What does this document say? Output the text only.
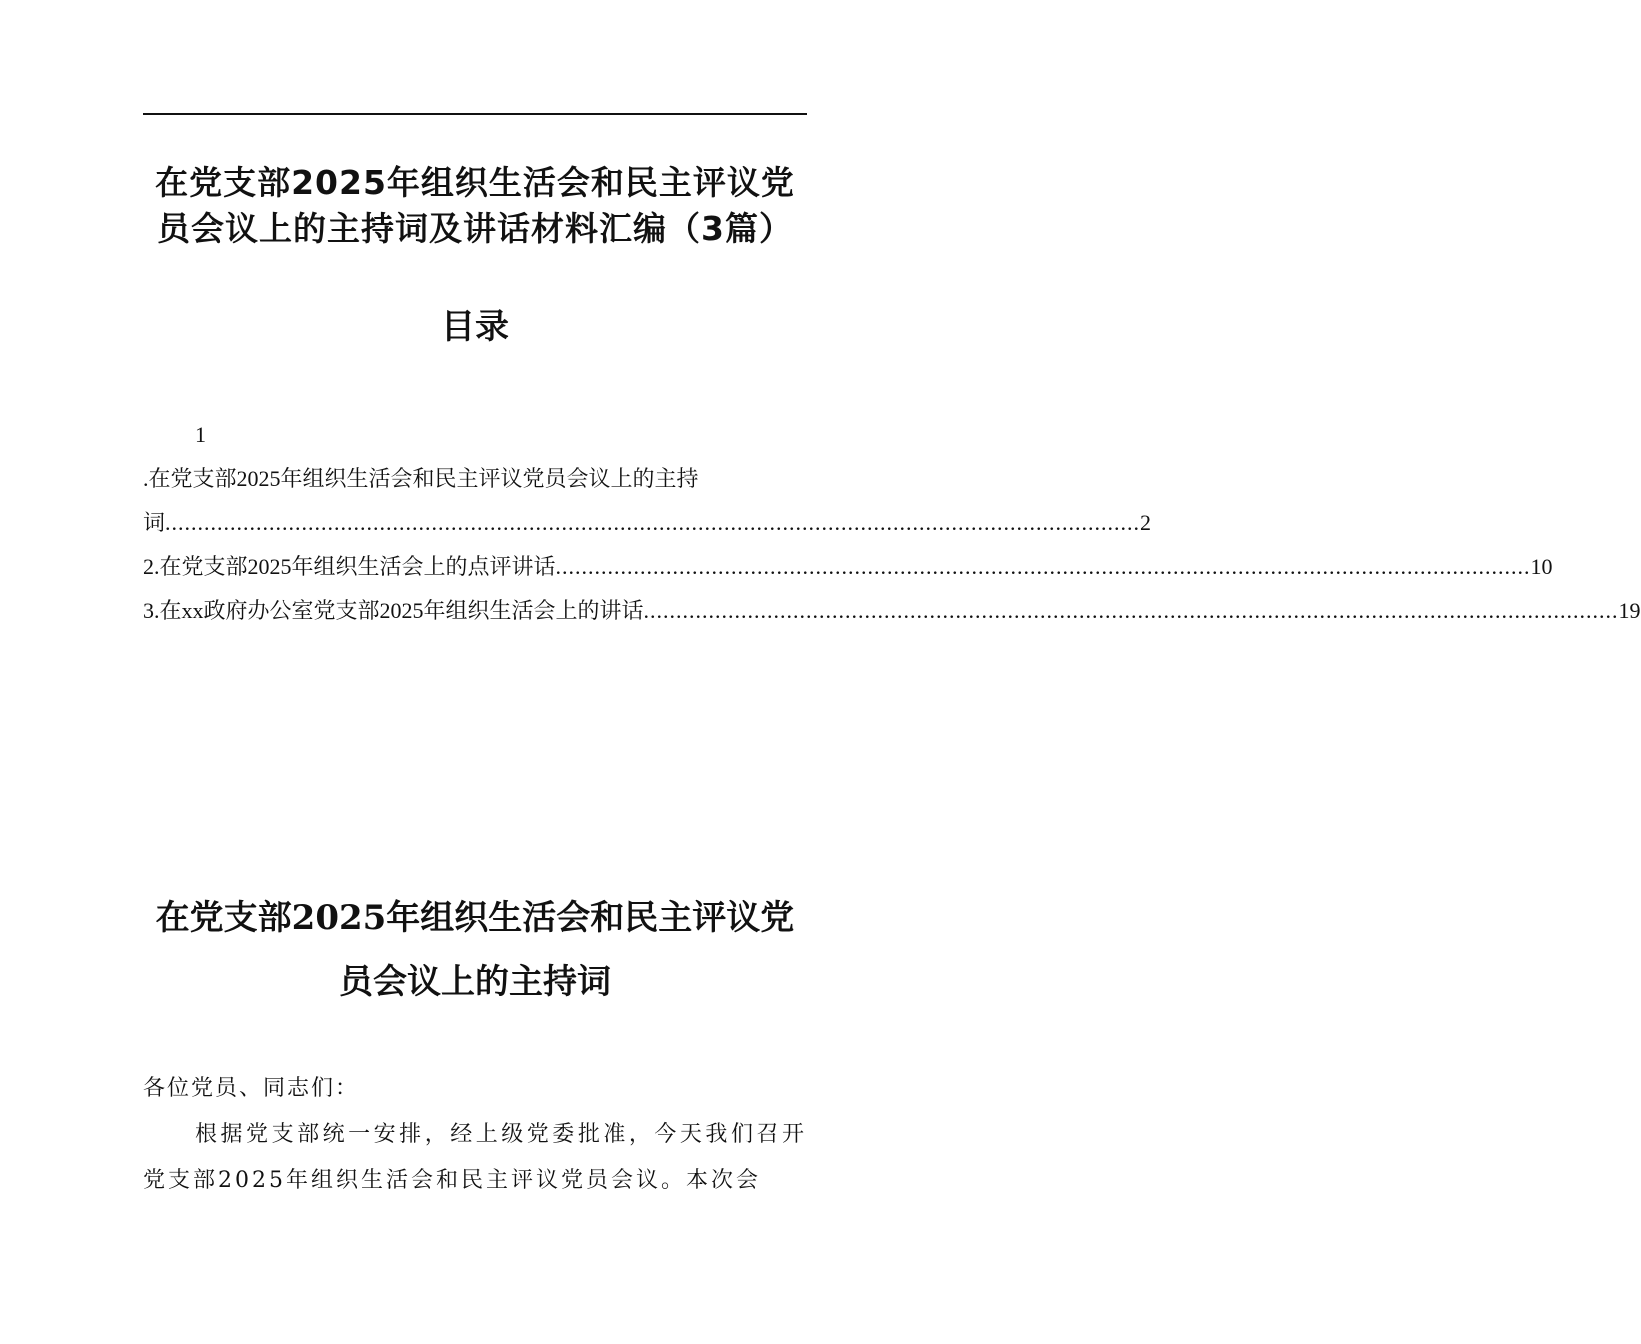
在党支部2025年组织生活会和民主评议党
员会议上的主持词及讲话材料汇编（3篇）
目录
1
.在党支部2025年组织生活会和民主评议党员会议上的主持
词 ...................................................................................................................................................... 2
2.在党支部2025年组织生活会上的点评讲话 ...................................................................................................................................................... 10
3.在xx政府办公室党支部2025年组织生活会上的讲话 ...................................................................................................................................................... 19
在党支部2025年组织生活会和民主评议党
员会议上的主持词
各位党员、同志们：
根据党支部统一安排，经上级党委批准，今天我们召开党支部2025年组织生活会和民主评议党员会议。本次会
